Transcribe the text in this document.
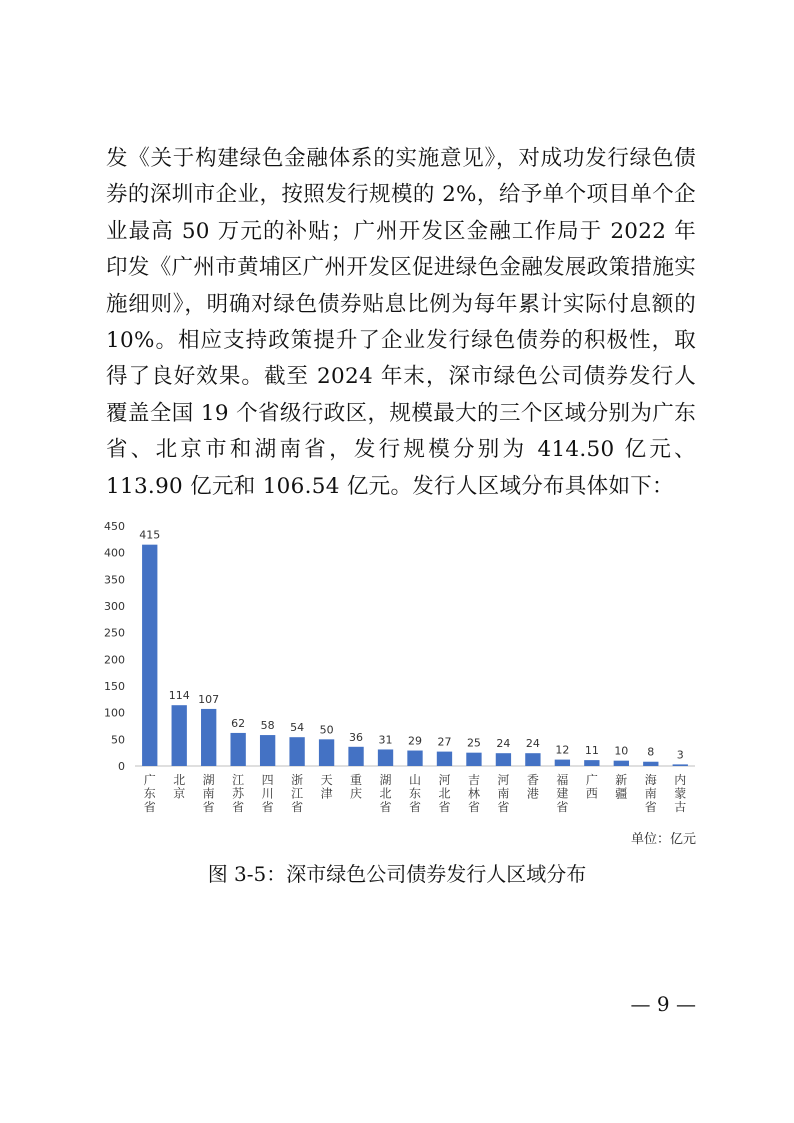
发《关于构建绿色金融体系的实施意见》，对成功发行绿色债券的深圳市企业，按照发行规模的 2%，给予单个项目单个企业最高 50 万元的补贴；广州开发区金融工作局于 2022 年印发《广州市黄埔区广州开发区促进绿色金融发展政策措施实施细则》，明确对绿色债券贴息比例为每年累计实际付息额的 10%。相应支持政策提升了企业发行绿色债券的积极性，取得了良好效果。截至 2024 年末，深市绿色公司债券发行人覆盖全国 19 个省级行政区，规模最大的三个区域分别为广东省、北京市和湖南省，发行规模分别为 414.50 亿元、113.90 亿元和 106.54 亿元。发行人区域分布具体如下：

0
50
100
150
200
250
300
350
400
450
415
广东省
114
北京
107
湖南省
62
江苏省
58
四川省
54
浙江省
50
天津
36
重庆
31
湖北省
29
山东省
27
河北省
25
吉林省
24
河南省
24
香港
12
福建省
11
广西
10
新疆
8
海南省
3
内蒙古
单位：亿元
图 3-5：深市绿色公司债券发行人区域分布
— 9 —
